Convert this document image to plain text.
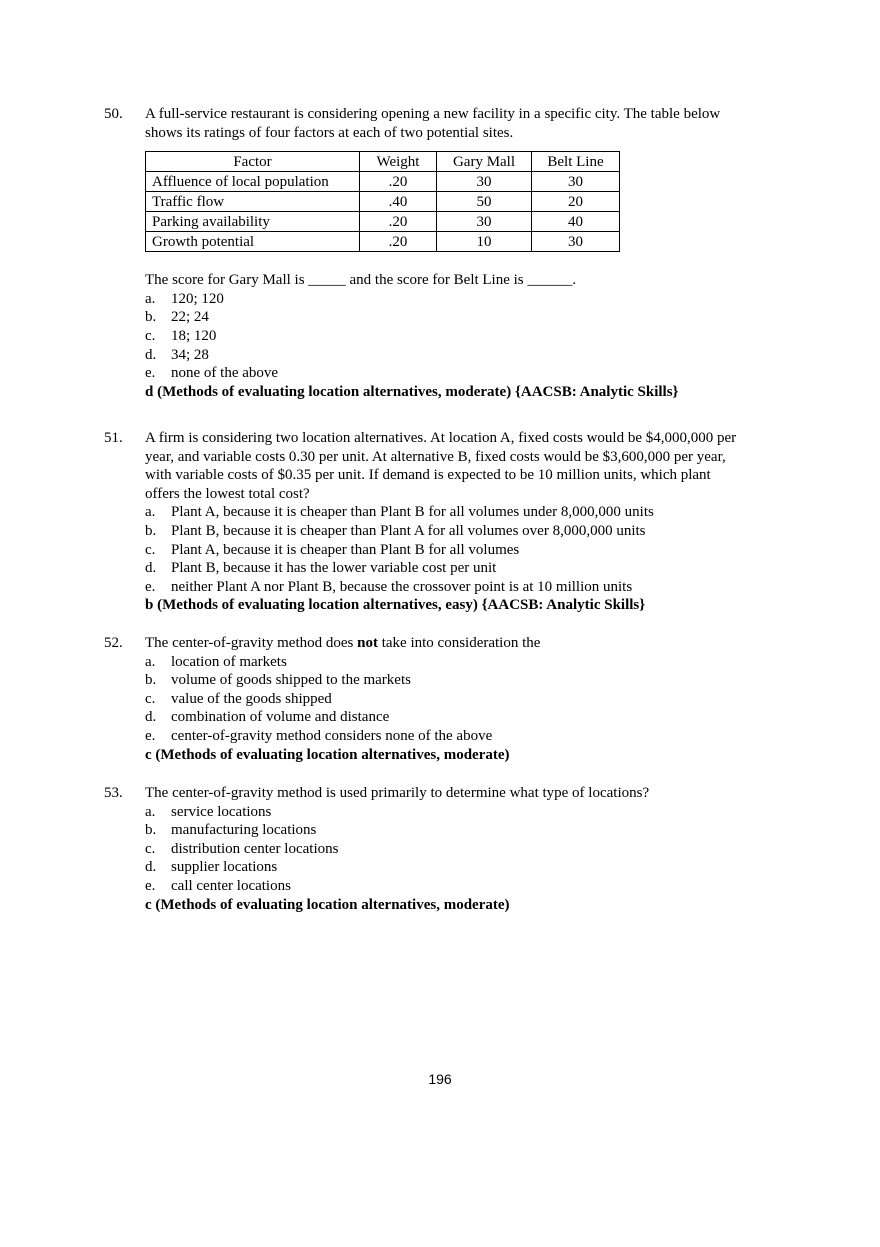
50. A full-service restaurant is considering opening a new facility in a specific city. The table below
shows its ratings of four factors at each of two potential sites.
Factor	Weight	Gary Mall	Belt Line
Affluence of local population	.20	30	30
Traffic flow	.40	50	20
Parking availability	.20	30	40
Growth potential	.20	10	30
The score for Gary Mall is _____ and the score for Belt Line is ______.
a.	120; 120
b. 22; 24
c.	18; 120
d. 34; 28
e.	none of the above
d (Methods of evaluating location alternatives, moderate) {AACSB: Analytic Skills}
51. A firm is considering two location alternatives. At location A, fixed costs would be $4,000,000 per
year, and variable costs 0.30 per unit. At alternative B, fixed costs would be $3,600,000 per year,
with variable costs of $0.35 per unit. If demand is expected to be 10 million units, which plant
offers the lowest total cost?
a.	Plant A, because it is cheaper than Plant B for all volumes under 8,000,000 units
b. Plant B, because it is cheaper than Plant A for all volumes over 8,000,000 units
c.	Plant A, because it is cheaper than Plant B for all volumes
d. Plant B, because it has the lower variable cost per unit
e.	neither Plant A nor Plant B, because the crossover point is at 10 million units
b (Methods of evaluating location alternatives, easy) {AACSB: Analytic Skills}
52. The center-of-gravity method does not take into consideration the
a.	location of markets
b. volume of goods shipped to the markets
c.	value of the goods shipped
d. combination of volume and distance
e.	center-of-gravity method considers none of the above
c (Methods of evaluating location alternatives, moderate)
53. The center-of-gravity method is used primarily to determine what type of locations?
a.	service locations
b. manufacturing locations
c.	distribution center locations
d. supplier locations
e.	call center locations
c (Methods of evaluating location alternatives, moderate)
196
